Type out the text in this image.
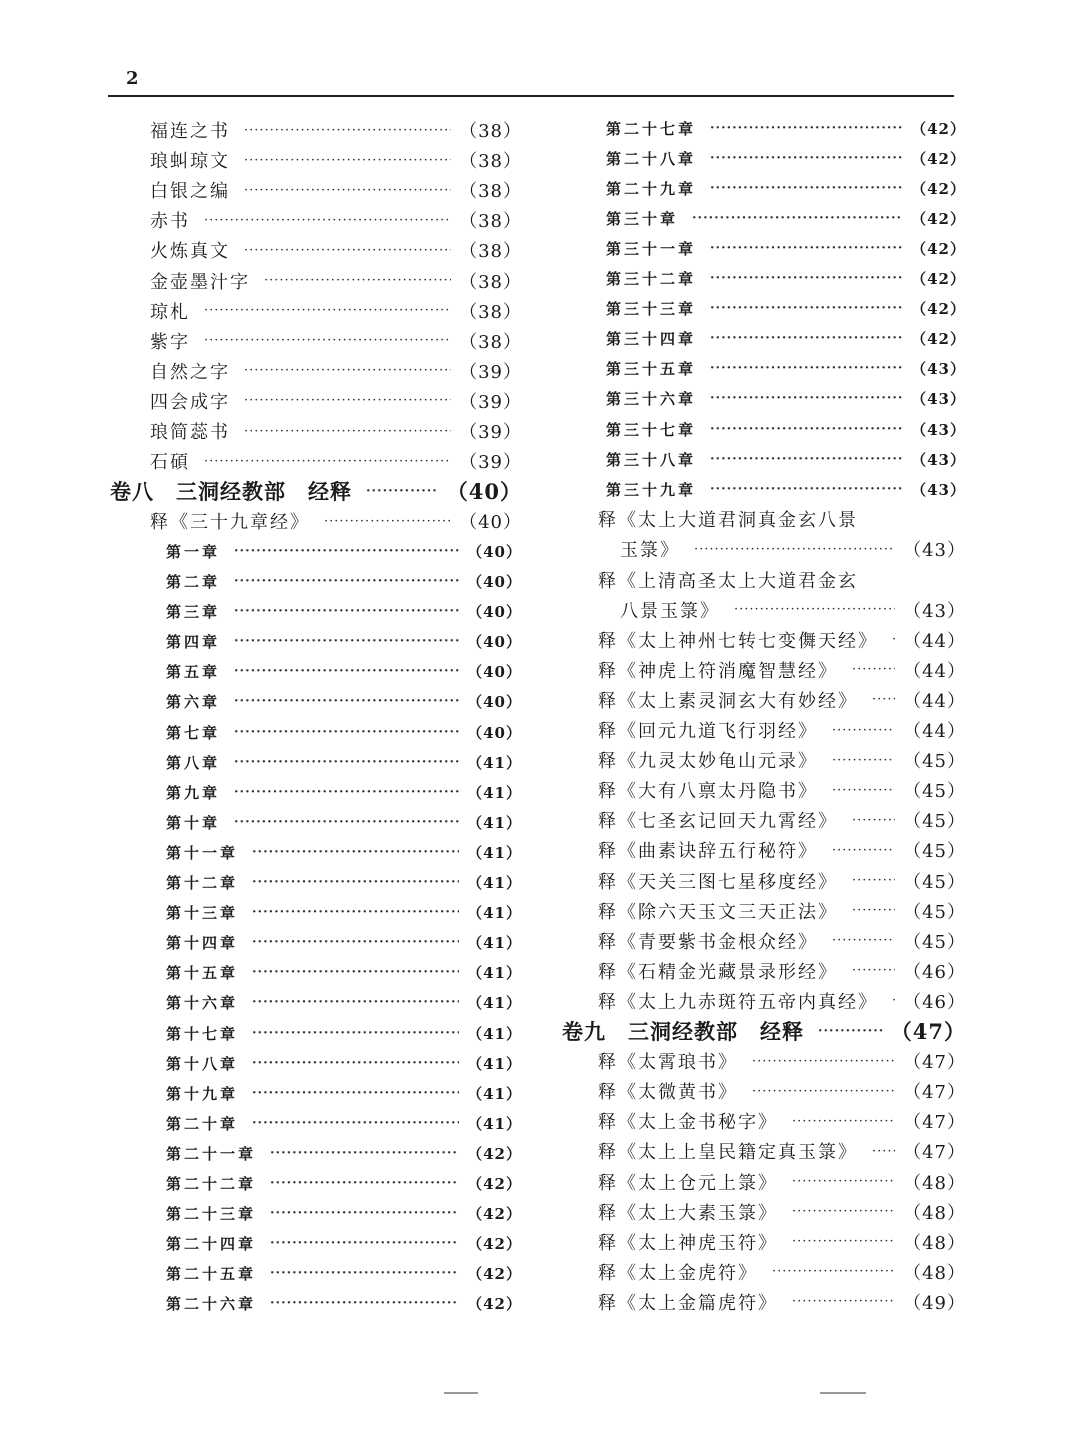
2
福连之书 ·····	（38）
琅虯琼文 ·····	（38）
白银之编 ·····	（38）
赤书 ·····	（38）
火炼真文 ·····	（38）
金壶墨汁字 ·····	（38）
琼札 ·····	（38）
紫字 ·····	（38）
自然之字 ·····	（39）
四会成字 ·····	（39）
琅简蕊书 ·····	（39）
石碩 ·····	（39）
卷八　三洞经教部　经释 ·····	（40）
释《三十九章经》 ·····	（40）
第一章 ·····	（40）
第二章 ·····	（40）
第三章 ·····	（40）
第四章 ·····	（40）
第五章 ·····	（40）
第六章 ·····	（40）
第七章 ·····	（40）
第八章 ·····	（41）
第九章 ·····	（41）
第十章 ·····	（41）
第十一章 ·····	（41）
第十二章 ·····	（41）
第十三章 ·····	（41）
第十四章 ·····	（41）
第十五章 ·····	（41）
第十六章 ·····	（41）
第十七章 ·····	（41）
第十八章 ·····	（41）
第十九章 ·····	（41）
第二十章 ·····	（41）
第二十一章 ·····	（42）
第二十二章 ·····	（42）
第二十三章 ·····	（42）
第二十四章 ·····	（42）
第二十五章 ·····	（42）
第二十六章 ·····	（42）
第二十七章 ·····	（42）
第二十八章 ·····	（42）
第二十九章 ·····	（42）
第三十章 ·····	（42）
第三十一章 ·····	（42）
第三十二章 ·····	（42）
第三十三章 ·····	（42）
第三十四章 ·····	（42）
第三十五章 ·····	（43）
第三十六章 ·····	（43）
第三十七章 ·····	（43）
第三十八章 ·····	（43）
第三十九章 ·····	（43）
释《太上大道君洞真金玄八景
玉箓》 ·····	（43）
释《上清高圣太上大道君金玄
八景玉箓》 ·····	（43）
释《太上神州七转七变儛天经》 ····· （44）
释《神虎上符消魔智慧经》 ·····	（44）
释《太上素灵洞玄大有妙经》 ·····	（44）
释《回元九道飞行羽经》 ·····	（44）
释《九灵太妙龟山元录》 ·····	（45）
释《大有八禀太丹隐书》 ·····	（45）
释《七圣玄记回天九霄经》 ·····	（45）
释《曲素诀辞五行秘符》 ·····	（45）
释《天关三图七星移度经》 ·····	（45）
释《除六天玉文三天正法》 ·····	（45）
释《青要紫书金根众经》 ·····	（45）
释《石精金光藏景录形经》 ·····	（46）
释《太上九赤斑符五帝内真经》 ····· （46）
卷九　三洞经教部　经释 ·····	（47）
释《太霄琅书》 ·····	（47）
释《太微黄书》 ·····	（47）
释《太上金书秘字》 ·····	（47）
释《太上上皇民籍定真玉箓》 ·····	（47）
释《太上仓元上箓》 ·····	（48）
释《太上大素玉箓》 ·····	（48）
释《太上神虎玉符》 ·····	（48）
释《太上金虎符》 ·····	（48）
释《太上金篇虎符》 ·····	（49）
